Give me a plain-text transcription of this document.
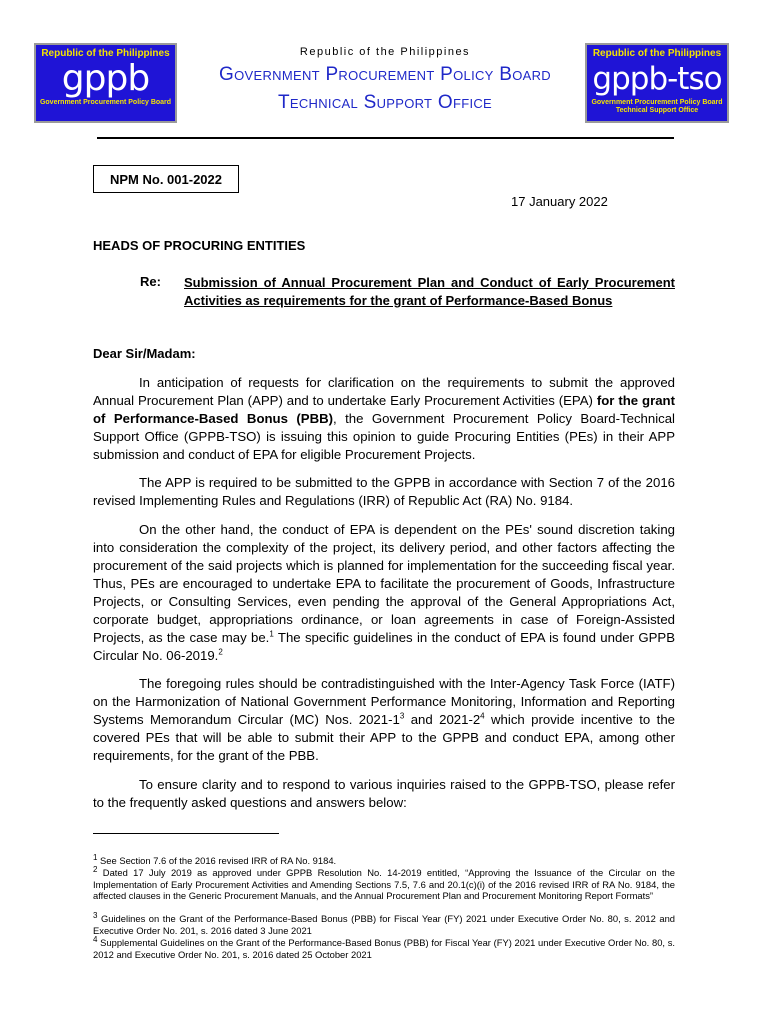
Republic of the Philippines
gppb
Government Procurement Policy Board
Republic of the Philippines
Government Procurement Policy Board
Technical Support Office
Republic of the Philippines
gppb-tso
Government Procurement Policy Board
Technical Support Office
NPM No. 001-2022
17 January 2022
HEADS OF PROCURING ENTITIES
Re: Submission of Annual Procurement Plan and Conduct of Early Procurement Activities as requirements for the grant of Performance-Based Bonus
Dear Sir/Madam:
In anticipation of requests for clarification on the requirements to submit the approved Annual Procurement Plan (APP) and to undertake Early Procurement Activities (EPA) for the grant of Performance-Based Bonus (PBB), the Government Procurement Policy Board-Technical Support Office (GPPB-TSO) is issuing this opinion to guide Procuring Entities (PEs) in their APP submission and conduct of EPA for eligible Procurement Projects.
The APP is required to be submitted to the GPPB in accordance with Section 7 of the 2016 revised Implementing Rules and Regulations (IRR) of Republic Act (RA) No. 9184.
On the other hand, the conduct of EPA is dependent on the PEs' sound discretion taking into consideration the complexity of the project, its delivery period, and other factors affecting the procurement of the said projects which is planned for implementation for the succeeding fiscal year. Thus, PEs are encouraged to undertake EPA to facilitate the procurement of Goods, Infrastructure Projects, or Consulting Services, even pending the approval of the General Appropriations Act, corporate budget, appropriations ordinance, or loan agreements in case of Foreign-Assisted Projects, as the case may be.$^1$ The specific guidelines in the conduct of EPA is found under GPPB Circular No. 06-2019.$^2$
The foregoing rules should be contradistinguished with the Inter-Agency Task Force (IATF) on the Harmonization of National Government Performance Monitoring, Information and Reporting Systems Memorandum Circular (MC) Nos. $2021-1^3$ and $2021-2^4$ which provide incentive to the covered PEs that will be able to submit their APP to the GPPB and conduct EPA, among other requirements, for the grant of the PBB.
To ensure clarity and to respond to various inquiries raised to the GPPB-TSO, please refer to the frequently asked questions and answers below:
$^1$ See Section 7.6 of the 2016 revised IRR of RA No. 9184.
$^2$ Dated 17 July 2019 as approved under GPPB Resolution No. 14-2019 entitled, “Approving the Issuance of the Circular on the Implementation of Early Procurement Activities and Amending Sections 7.5, 7.6 and 20.1(c)(i) of the 2016 revised IRR of RA No. 9184, the affected clauses in the Generic Procurement Manuals, and the Annual Procurement Plan and Procurement Monitoring Report Formats”
$^3$ Guidelines on the Grant of the Performance-Based Bonus (PBB) for Fiscal Year (FY) 2021 under Executive Order No. 80, s. 2012 and Executive Order No. 201, s. 2016 dated 3 June 2021
$^4$ Supplemental Guidelines on the Grant of the Performance-Based Bonus (PBB) for Fiscal Year (FY) 2021 under Executive Order No. 80, s. 2012 and Executive Order No. 201, s. 2016 dated 25 October 2021
